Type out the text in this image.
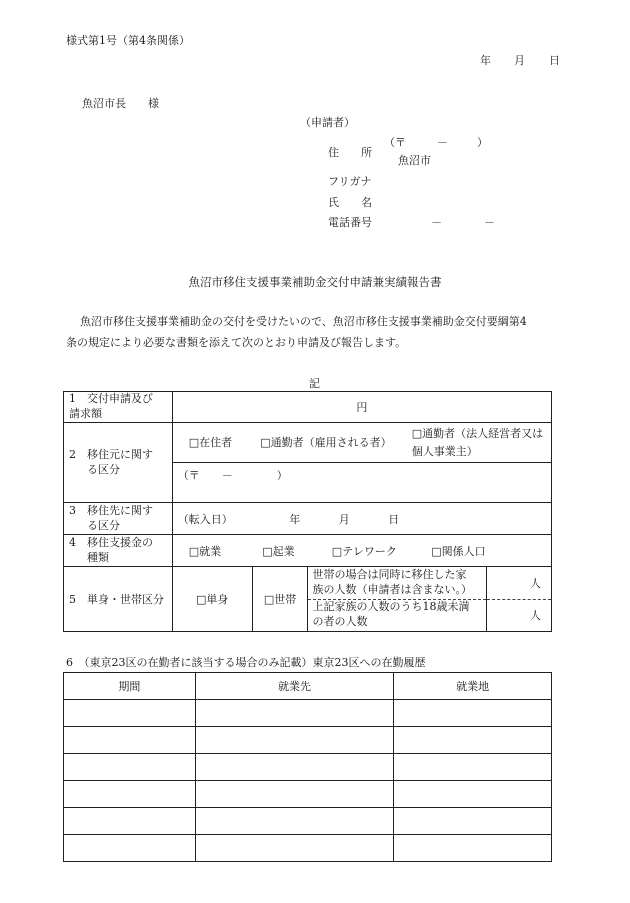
様式第1号（第4条関係）
年 月 日
魚沼市長　　様
（申請者）
（〒	－	）
住　　所
魚沼市
フリガナ
氏　　名
電話番号	－	－
魚沼市移住支援事業補助金交付申請兼実績報告書
魚沼市移住支援事業補助金の交付を受けたいので、魚沼市移住支援事業補助金交付要綱第4
条の規定により必要な書類を添えて次のとおり申請及び報告します。
記
1　交付申請及び
請求額	円
2　移住元に関す
る区分	□在住者	□通勤者（雇用される者） □通勤者（法人経営者又は
個人事業主）
（〒　　－　　　　）
3　移住先に関す
る区分	（転入日）	年	月	日
4　移住支援金の
種類	□就業	□起業	□テレワーク	□関係人口
5　単身・世帯区分	□単身	□世帯	
世帯の場合は同時に移住した家
族の人数（申請者は含まない。）	人
上記家族の人数のうち18歳未満
の者の人数	人
6　（東京23区の在勤者に該当する場合のみ記載）東京23区への在勤履歴
期間	就業先	就業地
